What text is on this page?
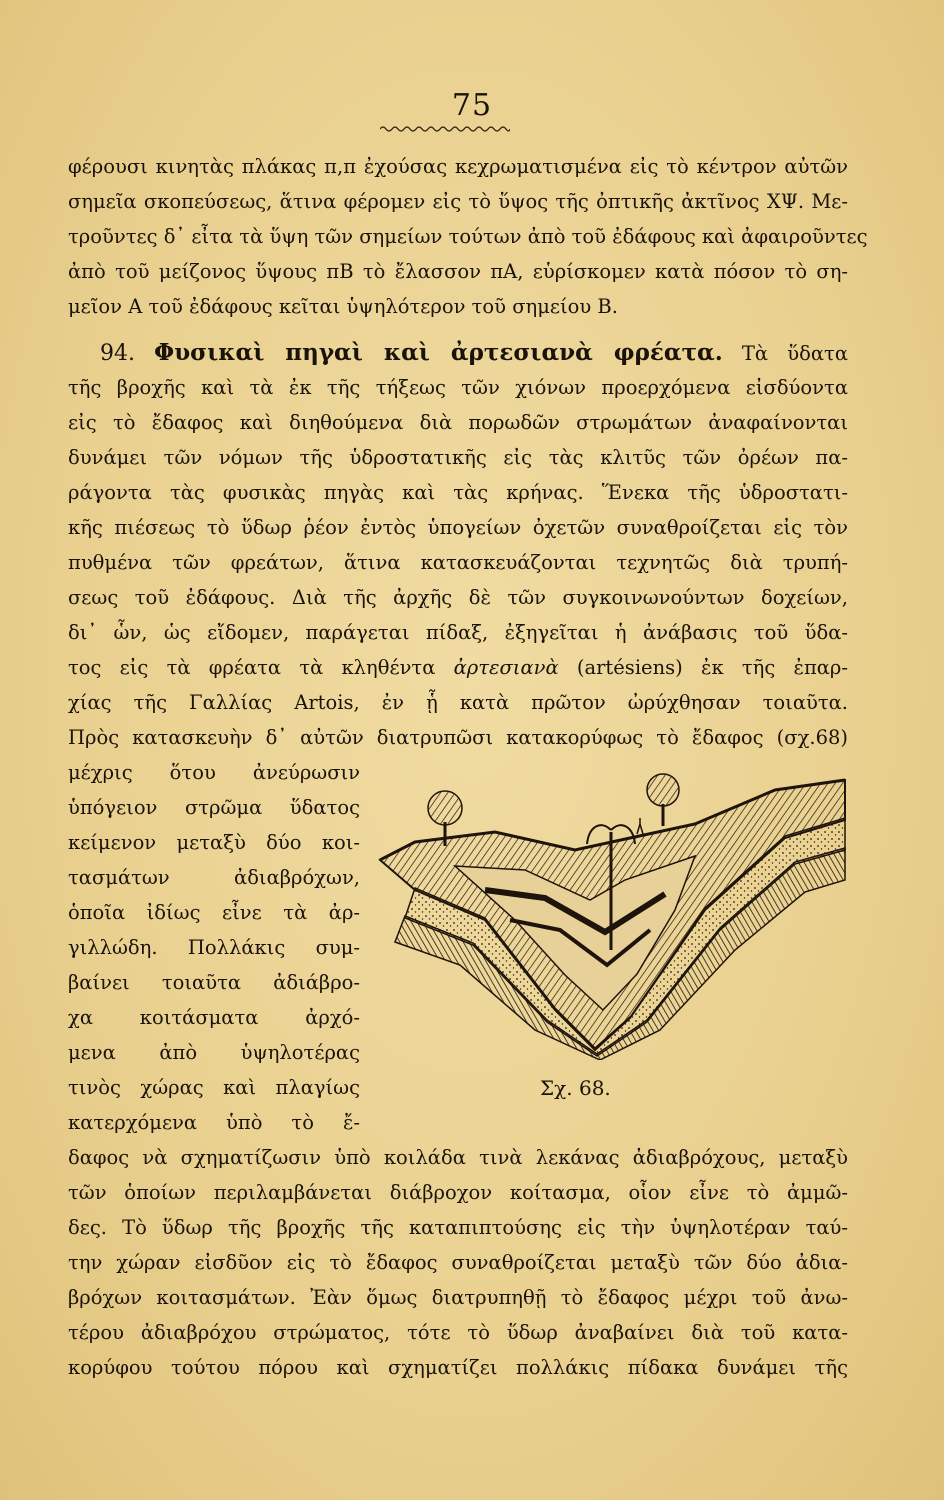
75
φέρουσι κινητὰς πλάκας π,π ἐχούσας κεχρωματισμένα εἰς τὸ κέντρον αὐτῶν
σημεῖα σκοπεύσεως, ἅτινα φέρομεν εἰς τὸ ὕψος τῆς ὀπτικῆς ἀκτῖνος ΧΨ. Με-
τροῦντες δ᾽ εἶτα τὰ ὕψη τῶν σημείων τούτων ἀπὸ τοῦ ἐδάφους καὶ ἀφαιροῦντες
ἀπὸ τοῦ μείζονος ὕψους πΒ τὸ ἔλασσον πΑ, εὑρίσκομεν κατὰ πόσον τὸ ση-
μεῖον Α τοῦ ἐδάφους κεῖται ὑψηλότερον τοῦ σημείου Β.
94. Φυσικαὶ πηγαὶ καὶ ἀρτεσιανὰ φρέατα. Τὰ ὕδατα
τῆς βροχῆς καὶ τὰ ἐκ τῆς τήξεως τῶν χιόνων προερχόμενα εἰσδύοντα
εἰς τὸ ἔδαφος καὶ διηθούμενα διὰ πορωδῶν στρωμάτων ἀναφαίνονται
δυνάμει τῶν νόμων τῆς ὑδροστατικῆς εἰς τὰς κλιτῦς τῶν ὀρέων πα-
ράγοντα τὰς φυσικὰς πηγὰς καὶ τὰς κρήνας. Ἕνεκα τῆς ὑδροστατι-
κῆς πιέσεως τὸ ὕδωρ ῥέον ἐντὸς ὑπογείων ὀχετῶν συναθροίζεται εἰς τὸν
πυθμένα τῶν φρεάτων, ἅτινα κατασκευάζονται τεχνητῶς διὰ τρυπή-
σεως τοῦ ἐδάφους. Διὰ τῆς ἀρχῆς δὲ τῶν συγκοινωνούντων δοχείων,
δι᾽ ὧν, ὡς εἴδομεν, παράγεται πίδαξ, ἐξηγεῖται ἡ ἀνάβασις τοῦ ὕδα-
τος εἰς τὰ φρέατα τὰ κληθέντα ἀρτεσιανὰ (artésiens) ἐκ τῆς ἐπαρ-
χίας τῆς Γαλλίας Artois, ἐν ᾗ κατὰ πρῶτον ὠρύχθησαν τοιαῦτα.
Πρὸς κατασκευὴν δ᾽ αὐτῶν διατρυπῶσι κατακορύφως τὸ ἔδαφος (σχ.68)
μέχρις ὅτου ἀνεύρωσιν
ὑπόγειον στρῶμα ὕδατος
κείμενον μεταξὺ δύο κοι-
τασμάτων ἀδιαβρόχων,
ὁποῖα ἰδίως εἶνε τὰ ἀρ-
γιλλώδη. Πολλάκις συμ-
βαίνει τοιαῦτα ἀδιάβρο-
χα κοιτάσματα ἀρχό-
μενα ἀπὸ ὑψηλοτέρας
τινὸς χώρας καὶ πλαγίως
κατερχόμενα ὑπὸ τὸ ἔ-
Σχ. 68.
δαφος νὰ σχηματίζωσιν ὑπὸ κοιλάδα τινὰ λεκάνας ἀδιαβρόχους, μεταξὺ
τῶν ὁποίων περιλαμβάνεται διάβροχον κοίτασμα, οἷον εἶνε τὸ ἀμμῶ-
δες. Τὸ ὕδωρ τῆς βροχῆς τῆς καταπιπτούσης εἰς τὴν ὑψηλοτέραν ταύ-
την χώραν εἰσδῦον εἰς τὸ ἔδαφος συναθροίζεται μεταξὺ τῶν δύο ἀδια-
βρόχων κοιτασμάτων. Ἐὰν ὅμως διατρυπηθῇ τὸ ἔδαφος μέχρι τοῦ ἀνω-
τέρου ἀδιαβρόχου στρώματος, τότε τὸ ὕδωρ ἀναβαίνει διὰ τοῦ κατα-
κορύφου τούτου πόρου καὶ σχηματίζει πολλάκις πίδακα δυνάμει τῆς
